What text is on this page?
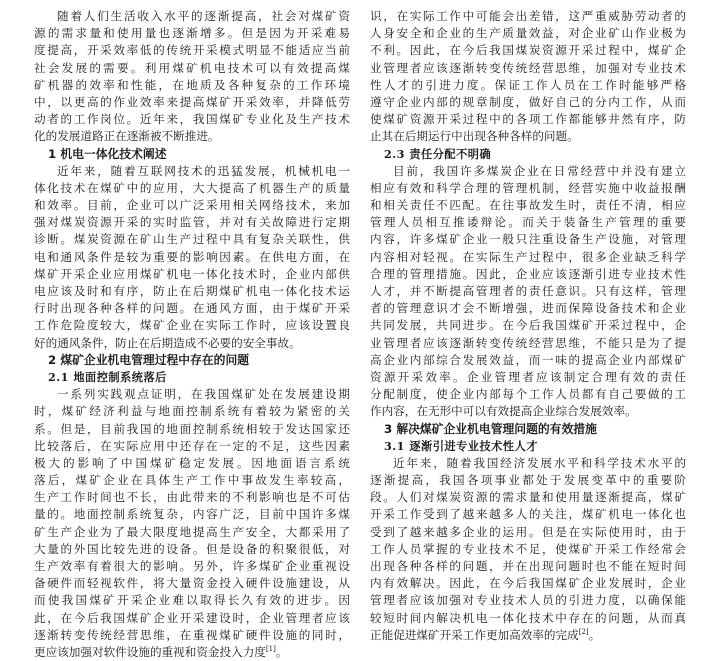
随着人们生活收入水平的逐渐提高，社会对煤矿资
源的需求量和使用量也逐渐增多。但是因为开采难易
度提高，开采效率低的传统开采模式明显不能适应当前
社会发展的需要。利用煤矿机电技术可以有效提高煤
矿机器的效率和性能，在地质及各种复杂的工作环境
中，以更高的作业效率来提高煤矿开采效率，并降低劳
动者的工作岗位。近年来，我国煤矿专业化及生产技术
化的发展道路正在逐渐被不断推进。
1 机电一体化技术阐述
近年来，随着互联网技术的迅猛发展，机械机电一
体化技术在煤矿中的应用，大大提高了机器生产的质量
和效率。目前，企业可以广泛采用相关网络技术，来加
强对煤炭资源开采的实时监管，并对有关故障进行定期
诊断。煤炭资源在矿山生产过程中具有复杂关联性，供
电和通风条件是较为重要的影响因素。在供电方面，在
煤矿开采企业应用煤矿机电一体化技术时，企业内部供
电应该及时和有序，防止在后期煤矿机电一体化技术运
行时出现各种各样的问题。在通风方面，由于煤矿开采
工作危险度较大，煤矿企业在实际工作时，应该设置良
好的通风条件，防止在后期造成不必要的安全事故。
2 煤矿企业机电管理过程中存在的问题
2.1 地面控制系统落后
一系列实践观点证明，在我国煤矿处在发展建设期
时，煤矿经济利益与地面控制系统有着较为紧密的关
系。但是，目前我国的地面控制系统相较于发达国家还
比较落后，在实际应用中还存在一定的不足，这些因素
极大的影响了中国煤矿稳定发展。因地面语言系统
落后，煤矿企业在具体生产工作中事故发生率较高，
生产工作时间也不长，由此带来的不利影响也是不可估
量的。地面控制系统复杂，内容广泛，目前中国许多煤
矿生产企业为了最大限度地提高生产安全，大都采用了
大量的外国比较先进的设备。但是设备的积聚很低，对
生产效率有着很大的影响。另外，许多煤矿企业重视设
备硬件而轻视软件，将大量资金投入硬件设施建设，从
而使我国煤矿开采企业难以取得长久有效的进步。因
此，在今后我国煤矿企业开采建设时，企业管理者应该
逐渐转变传统经营思维，在重视煤矿硬件设施的同时，
更应该加强对软件设施的重视和资金投入力度[1]。
识，在实际工作中可能会出差错，这严重威胁劳动者的
人身安全和企业的生产质量效益，对企业矿山作业极为
不利。因此，在今后我国煤炭资源开采过程中，煤矿企
业管理者应该逐渐转变传统经营思维，加强对专业技术
性人才的引进力度。保证工作人员在工作时能够严格
遵守企业内部的规章制度，做好自己的分内工作，从而
使煤矿资源开采过程中的各项工作都能够井然有序，防
止其在后期运行中出现各种各样的问题。
2.3 责任分配不明确
目前，我国许多煤炭企业在日常经营中并没有建立
相应有效和科学合理的管理机制，经营实施中收益报酬
和相关责任不匹配。在往事故发生时，责任不清，相应
管理人员相互推诿辩论。而关于装备生产管理的重要
内容，许多煤矿企业一般只注重设备生产设施，对管理
内容相对轻视。在实际生产过程中，很多企业缺乏科学
合理的管理措施。因此，企业应该逐渐引进专业技术性
人才，并不断提高管理者的责任意识。只有这样，管理
者的管理意识才会不断增强，进而保障设备技术和企业
共同发展，共同进步。在今后我国煤矿开采过程中，企
业管理者应该逐渐转变传统经营思维，不能只是为了提
高企业内部综合发展效益，而一味的提高企业内部煤矿
资源开采效率。企业管理者应该制定合理有效的责任
分配制度，使企业内部每个工作人员都有自己要做的工
作内容，在无形中可以有效提高企业综合发展效率。
3 解决煤矿企业机电管理问题的有效措施
3.1 逐渐引进专业技术性人才
近年来，随着我国经济发展水平和科学技术水平的
逐渐提高，我国各项事业都处于发展变革中的重要阶
段。人们对煤炭资源的需求量和使用量逐渐提高，煤矿
开采工作受到了越来越多人的关注，煤矿机电一体化也
受到了越来越多企业的运用。但是在实际使用时，由于
工作人员掌握的专业技术不足，使煤矿开采工作经常会
出现各种各样的问题，并在出现问题时也不能在短时间
内有效解决。因此，在今后我国煤矿企业发展时，企业
管理者应该加强对专业技术人员的引进力度，以确保能
较短时间内解决机电一体化技术中存在的问题，从而真
正能促进煤矿开采工作更加高效率的完成[2]。
